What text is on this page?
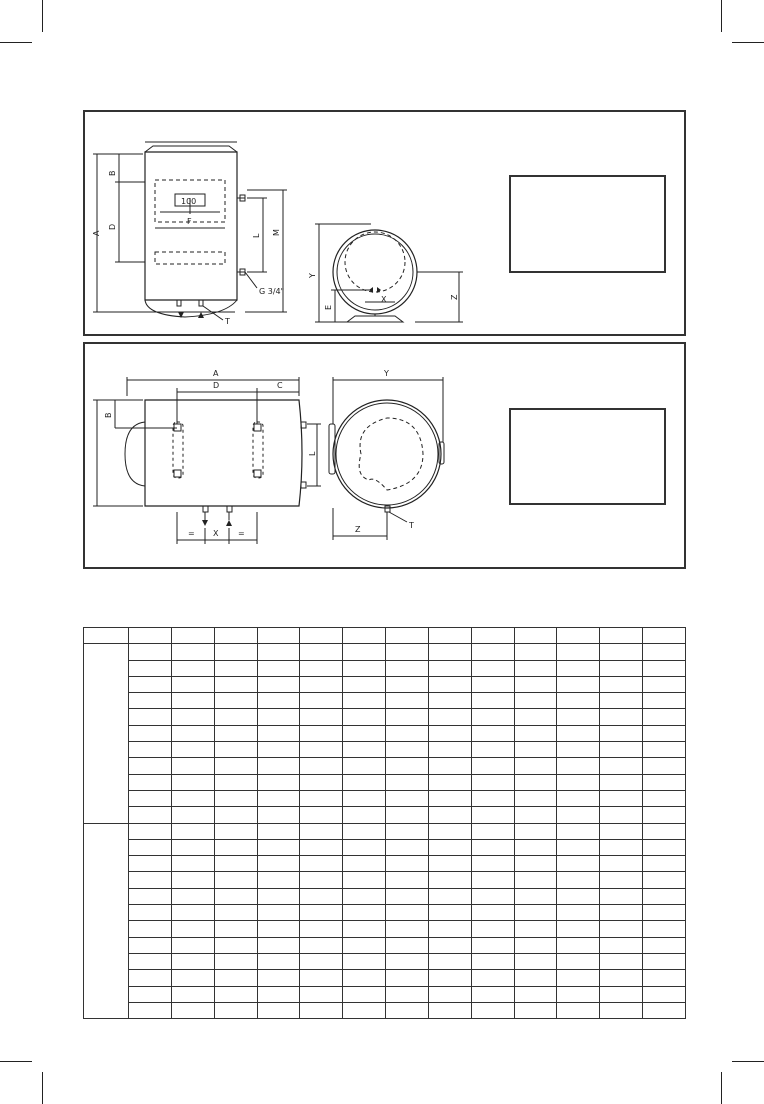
A
B
D
100
F
L M
G 3/4"
T
Y
E
X	Z
A
D	C
B
L
Y
Z	T
X
=	=
